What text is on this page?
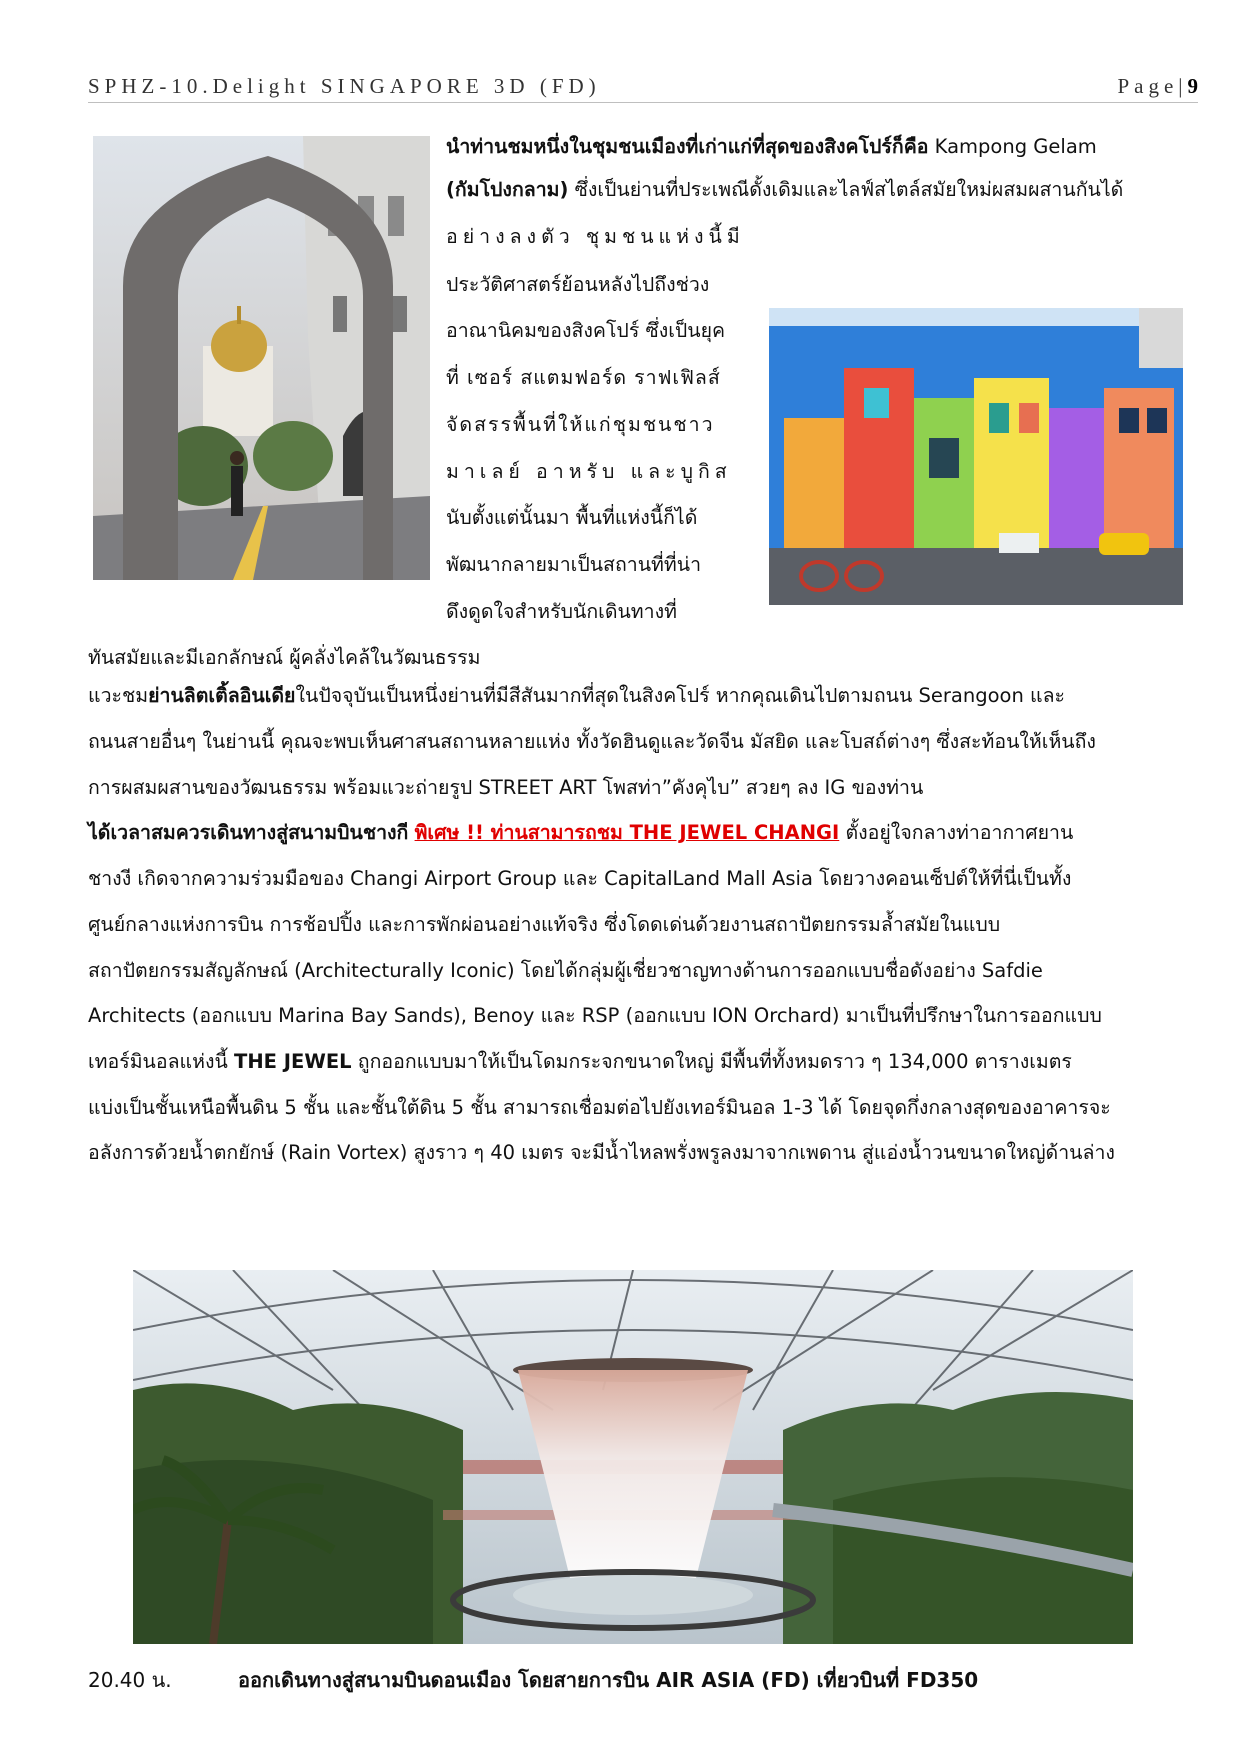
SPHZ-10.Delight SINGAPORE 3D (FD)	Page|9
นำท่านชมหนึ่งในชุมชนเมืองที่เก่าแก่ที่สุดของสิงคโปร์ก็คือ Kampong Gelam
(กัมโปงกลาม) ซึ่งเป็นย่านที่ประเพณีดั้งเดิมและไลฟ์สไตล์สมัยใหม่ผสมผสานกันได้
อย่างลงตัว ชุมชนแห่งนี้มี
ประวัติศาสตร์ย้อนหลังไปถึงช่วง
อาณานิคมของสิงคโปร์ ซึ่งเป็นยุค
ที่ เซอร์ สแตมฟอร์ด ราฟเฟิลส์
จัดสรรพื้นที่ให้แก่ชุมชนชาว
มาเลย์ อาหรับ และบูกิส
นับตั้งแต่นั้นมา พื้นที่แห่งนี้ก็ได้
พัฒนากลายมาเป็นสถานที่ที่น่า
ดึงดูดใจสำหรับนักเดินทางที่
ทันสมัยและมีเอกลักษณ์ ผู้คลั่งไคล้ในวัฒนธรรม
แวะชมย่านลิตเติ้ลอินเดียในปัจจุบันเป็นหนึ่งย่านที่มีสีสันมากที่สุดในสิงคโปร์ หากคุณเดินไปตามถนน Serangoon และ
ถนนสายอื่นๆ ในย่านนี้ คุณจะพบเห็นศาสนสถานหลายแห่ง ทั้งวัดฮินดูและวัดจีน มัสยิด และโบสถ์ต่างๆ ซึ่งสะท้อนให้เห็นถึง
การผสมผสานของวัฒนธรรม พร้อมแวะถ่ายรูป STREET ART โพสท่า”คังคุไบ” สวยๆ ลง IG ของท่าน
ได้เวลาสมควรเดินทางสู่สนามบินชางกี พิเศษ !! ท่านสามารถชม THE JEWEL CHANGI ตั้งอยู่ใจกลางท่าอากาศยาน
ชางงี เกิดจากความร่วมมือของ Changi Airport Group และ CapitalLand Mall Asia โดยวางคอนเซ็ปต์ให้ที่นี่เป็นทั้ง
ศูนย์กลางแห่งการบิน การช้อปปิ้ง และการพักผ่อนอย่างแท้จริง ซึ่งโดดเด่นด้วยงานสถาปัตยกรรมล้ำสมัยในแบบ
สถาปัตยกรรมสัญลักษณ์ (Architecturally Iconic) โดยได้กลุ่มผู้เชี่ยวชาญทางด้านการออกแบบชื่อดังอย่าง Safdie
Architects (ออกแบบ Marina Bay Sands), Benoy และ RSP (ออกแบบ ION Orchard) มาเป็นที่ปรึกษาในการออกแบบ
เทอร์มินอลแห่งนี้ THE JEWEL ถูกออกแบบมาให้เป็นโดมกระจกขนาดใหญ่ มีพื้นที่ทั้งหมดราว ๆ 134,000 ตารางเมตร
แบ่งเป็นชั้นเหนือพื้นดิน 5 ชั้น และชั้นใต้ดิน 5 ชั้น สามารถเชื่อมต่อไปยังเทอร์มินอล 1-3 ได้ โดยจุดกึ่งกลางสุดของอาคารจะ
อลังการด้วยน้ำตกยักษ์ (Rain Vortex) สูงราว ๆ 40 เมตร จะมีน้ำไหลพรั่งพรูลงมาจากเพดาน สู่แอ่งน้ำวนขนาดใหญ่ด้านล่าง
20.40 น.	ออกเดินทางสู่สนามบินดอนเมือง โดยสายการบิน AIR ASIA (FD) เที่ยวบินที่ FD350
